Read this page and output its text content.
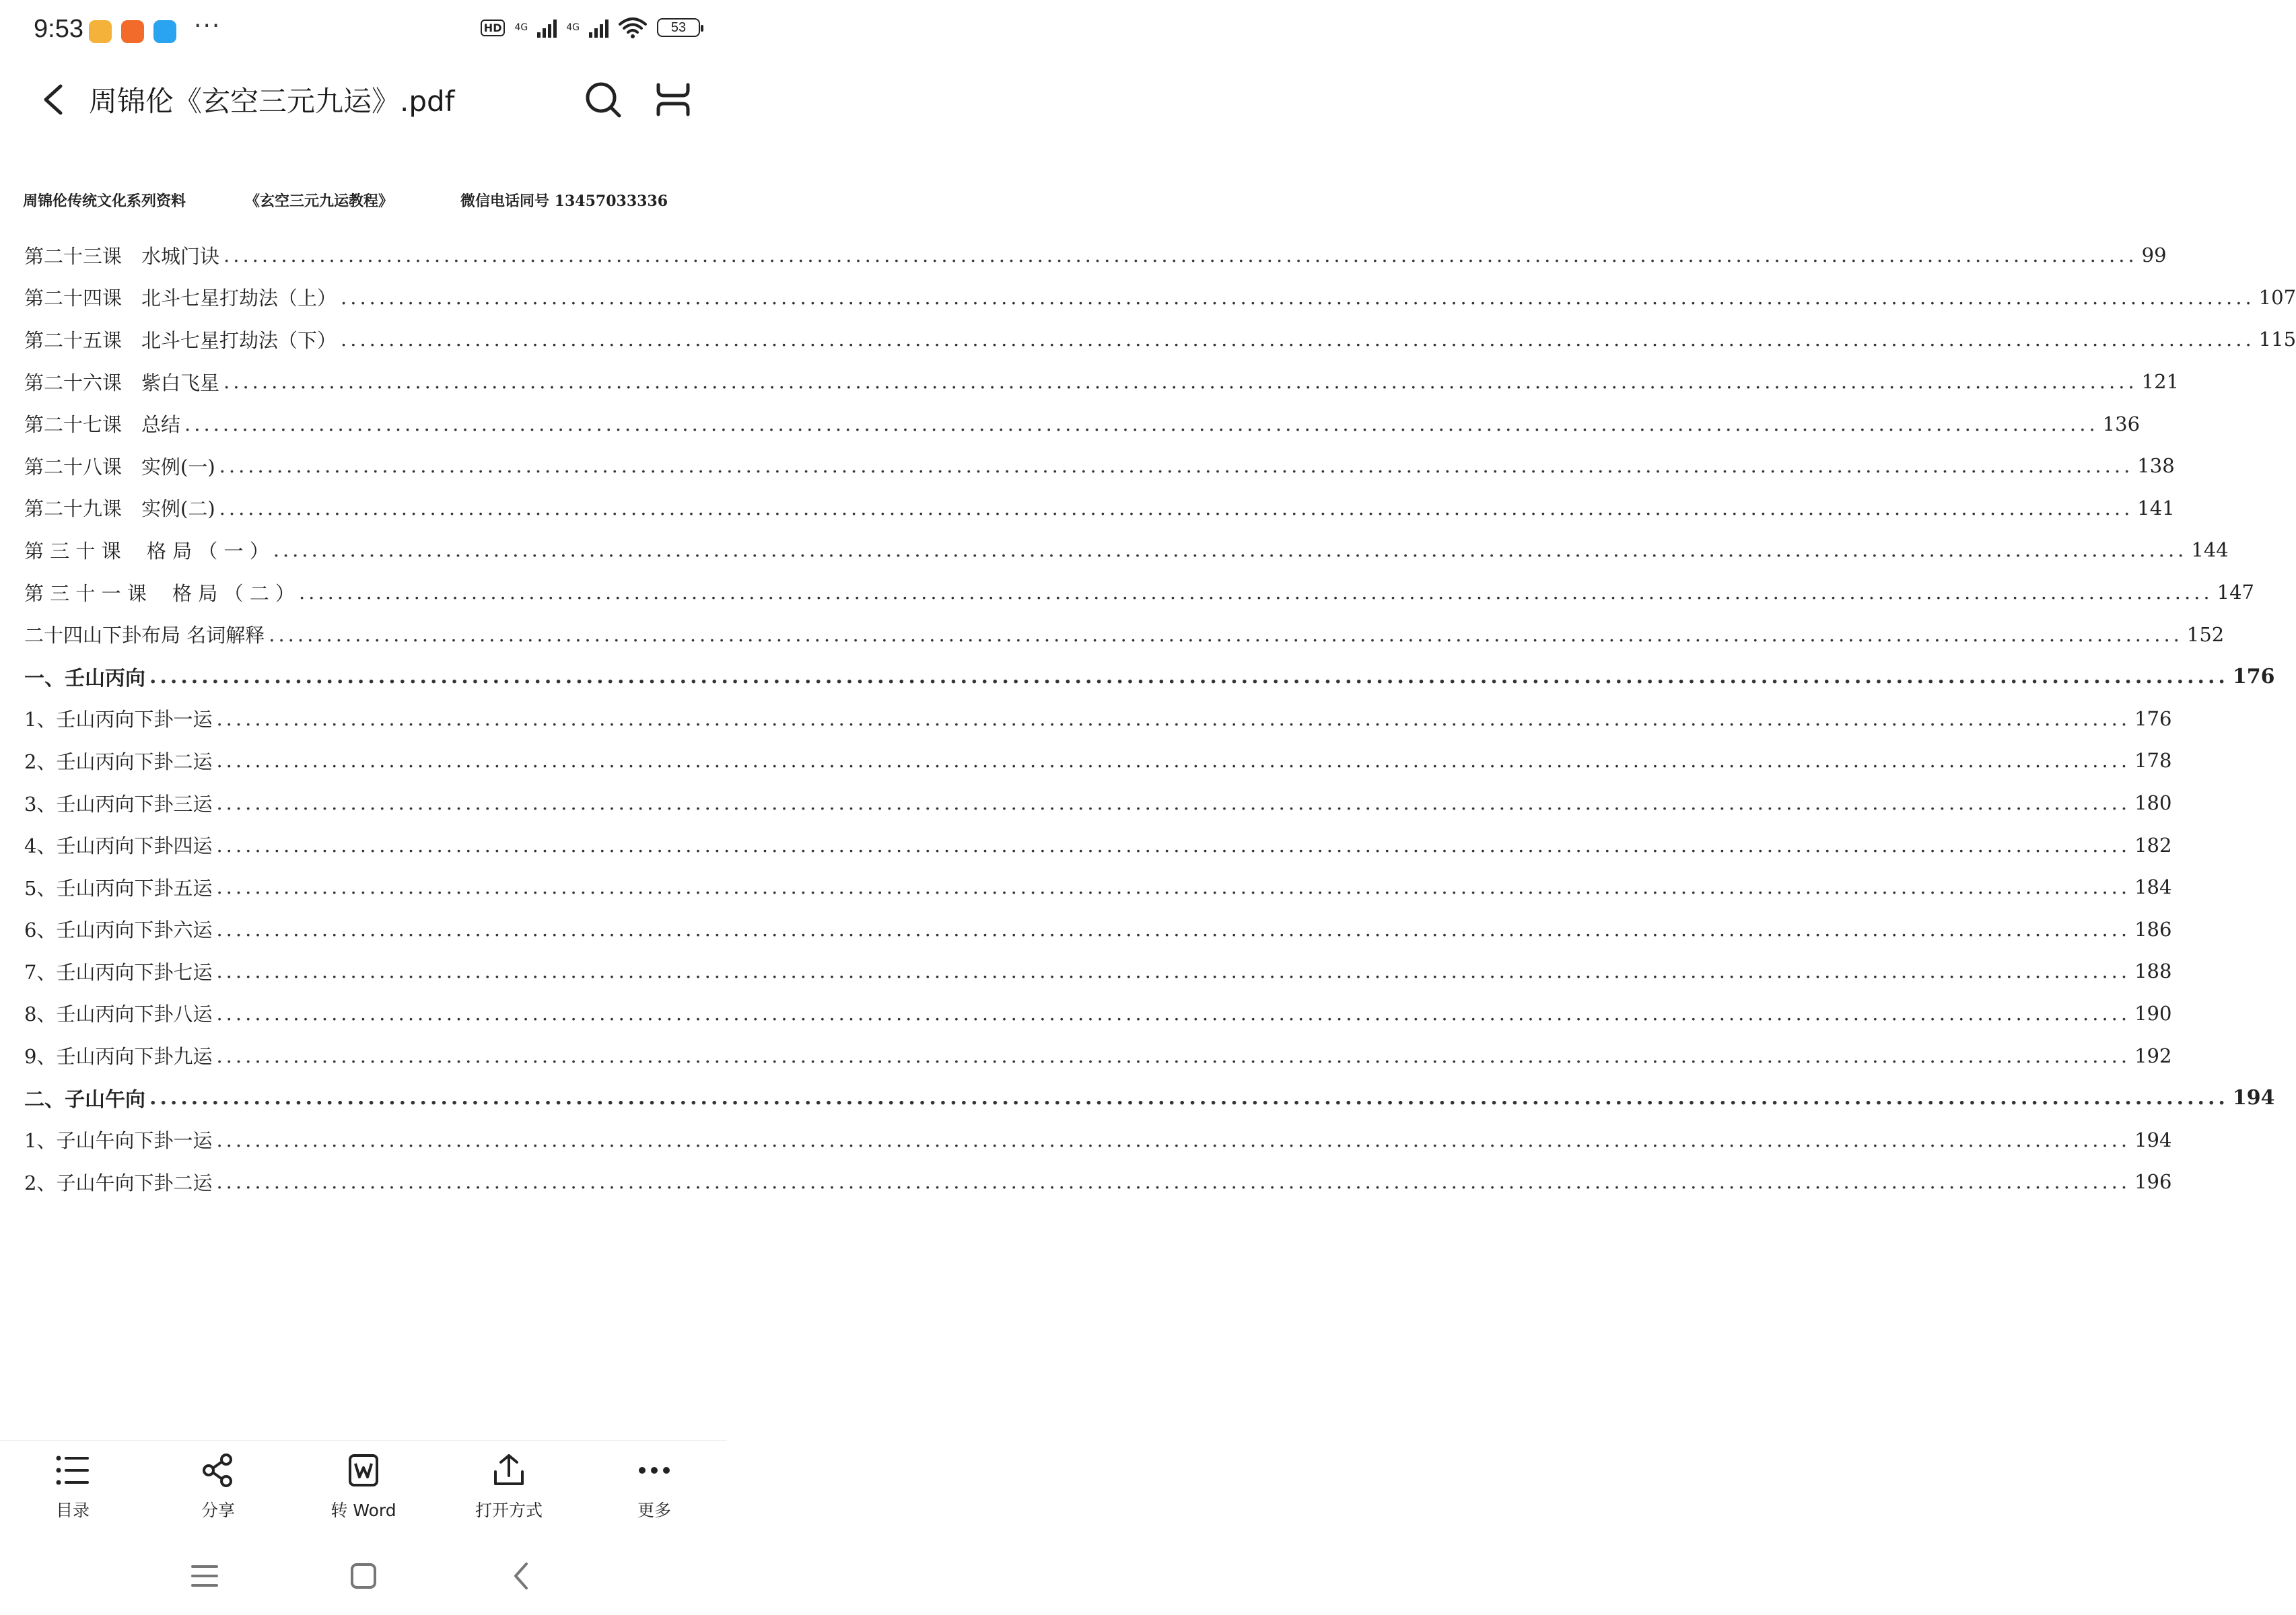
9:53	···	HD	4G	4G	53
周锦伦《玄空三元九运》.pdf
周锦伦传统文化系列资料	《玄空三元九运教程》	微信电话同号 13457033336
第二十三课　水城门诀 ........................................................................................................................................................................................................ 99
第二十四课　北斗七星打劫法（上） ........................................................................................................................................................................................................ 107
第二十五课　北斗七星打劫法（下） ........................................................................................................................................................................................................ 115
第二十六课　紫白飞星 ........................................................................................................................................................................................................ 121
第二十七课　总结 ........................................................................................................................................................................................................ 136
第二十八课　实例(一) ........................................................................................................................................................................................................ 138
第二十九课　实例(二) ........................................................................................................................................................................................................ 141
第 三 十 课　 格 局 （ 一 ） ........................................................................................................................................................................................................ 144
第 三 十 一 课　 格 局 （ 二 ） ........................................................................................................................................................................................................ 147
二十四山下卦布局 名词解释 ........................................................................................................................................................................................................ 152
一、壬山丙向 ........................................................................................................................................................................................................ 176
1、壬山丙向下卦一运 ........................................................................................................................................................................................................ 176
2、壬山丙向下卦二运 ........................................................................................................................................................................................................ 178
3、壬山丙向下卦三运 ........................................................................................................................................................................................................ 180
4、壬山丙向下卦四运 ........................................................................................................................................................................................................ 182
5、壬山丙向下卦五运 ........................................................................................................................................................................................................ 184
6、壬山丙向下卦六运 ........................................................................................................................................................................................................ 186
7、壬山丙向下卦七运 ........................................................................................................................................................................................................ 188
8、壬山丙向下卦八运 ........................................................................................................................................................................................................ 190
9、壬山丙向下卦九运 ........................................................................................................................................................................................................ 192
二、子山午向 ........................................................................................................................................................................................................ 194
1、子山午向下卦一运 ........................................................................................................................................................................................................ 194
2、子山午向下卦二运 ........................................................................................................................................................................................................ 196
目录	分享	转 Word	打开方式	更多
